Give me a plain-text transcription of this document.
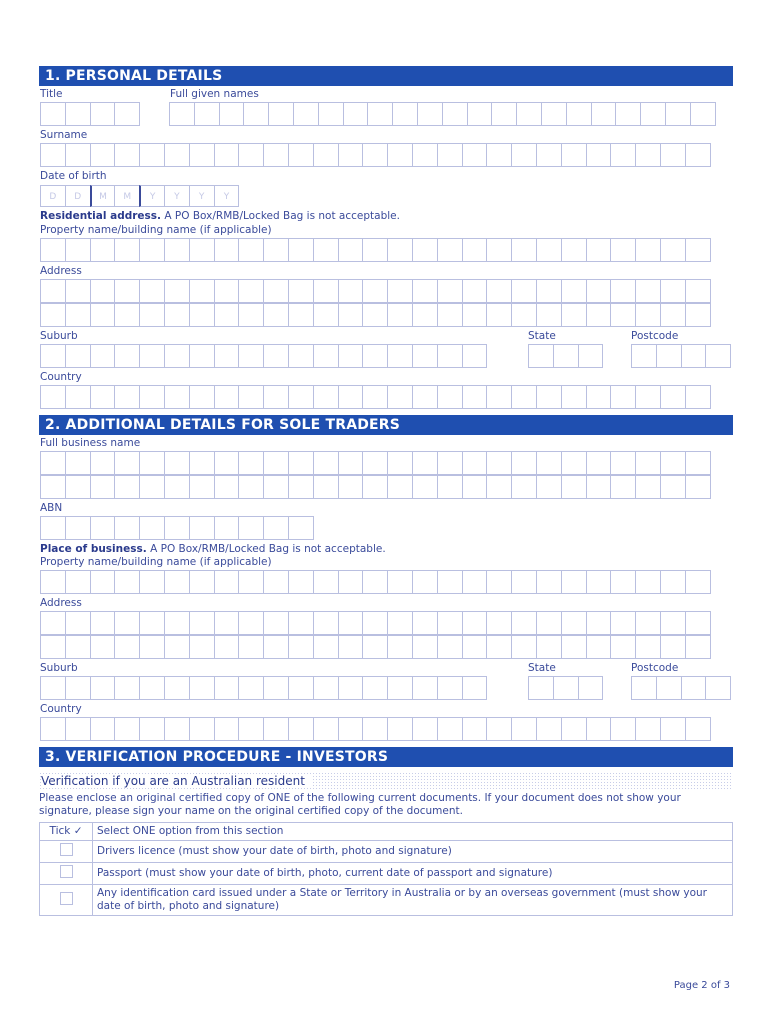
1. PERSONAL DETAILS
Title	Full given names
Surname
Date of birth
D	D	M	M	Y	Y	Y	Y
Residential address. A PO Box/RMB/Locked Bag is not acceptable.
Property name/building name (if applicable)
Address
Suburb	State	Postcode
Country
2. ADDITIONAL DETAILS FOR SOLE TRADERS
Full business name
ABN
Place of business. A PO Box/RMB/Locked Bag is not acceptable.
Property name/building name (if applicable)
Address
Suburb	State	Postcode
Country
3. VERIFICATION PROCEDURE - INVESTORS
Verification if you are an Australian resident
Please enclose an original certified copy of ONE of the following current documents. If your document does not show your signature, please sign your name on the original certified copy of the document.
Tick ✓	Select ONE option from this section
	Drivers licence (must show your date of birth, photo and signature)
	Passport (must show your date of birth, photo, current date of passport and signature)
	Any identification card issued under a State or Territory in Australia or by an overseas government (must show your date of birth, photo and signature)
Page 2 of 3
